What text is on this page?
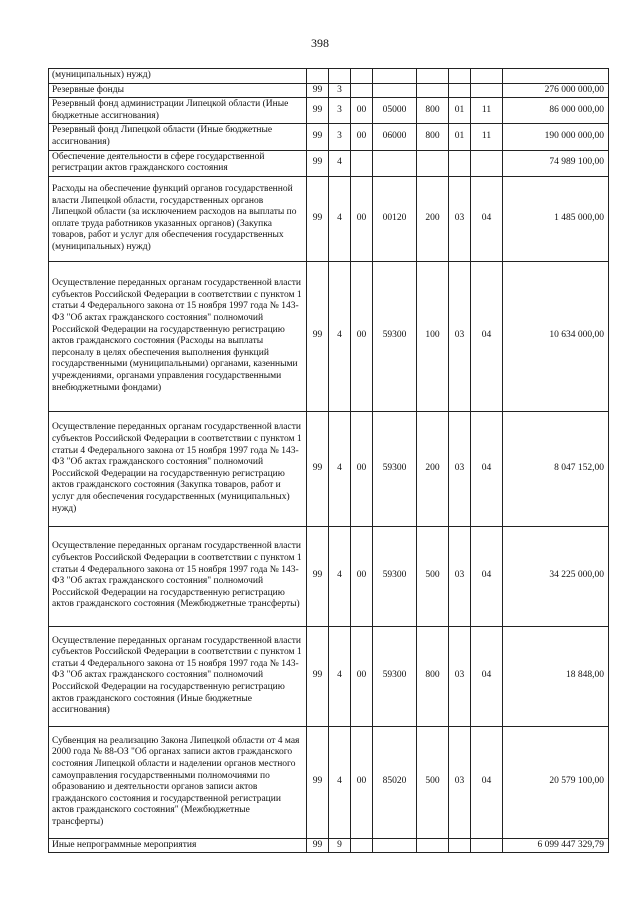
398
(муниципальных) нужд)								
Резервные фонды	99	3						276 000 000,00
Резервный фонд администрации Липецкой области (Иные бюджетные ассигнования)	99	3	00	05000	800	01	11	86 000 000,00
Резервный фонд Липецкой области (Иные бюджетные ассигнования)	99	3	00	06000	800	01	11	190 000 000,00
Обеспечение деятельности в сфере государственной регистрации актов гражданского состояния	99	4						74 989 100,00
Расходы на обеспечение функций органов государственной власти Липецкой области, государственных органов Липецкой области (за исключением расходов на выплаты по оплате труда работников указанных органов) (Закупка товаров, работ и услуг для обеспечения государственных (муниципальных) нужд)	99	4	00	00120	200	03	04	1 485 000,00
Осуществление переданных органам государственной власти субъектов Российской Федерации в соответствии с пунктом 1 статьи 4 Федерального закона от 15 ноября 1997 года № 143-ФЗ "Об актах гражданского состояния" полномочий Российской Федерации на государственную регистрацию актов гражданского состояния (Расходы на выплаты персоналу в целях обеспечения выполнения функций государственными (муниципальными) органами, казенными учреждениями, органами управления государственными внебюджетными фондами)	99	4	00	59300	100	03	04	10 634 000,00
Осуществление переданных органам государственной власти субъектов Российской Федерации в соответствии с пунктом 1 статьи 4 Федерального закона от 15 ноября 1997 года № 143-ФЗ "Об актах гражданского состояния" полномочий Российской Федерации на государственную регистрацию актов гражданского состояния (Закупка товаров, работ и услуг для обеспечения государственных (муниципальных) нужд)	99	4	00	59300	200	03	04	8 047 152,00
Осуществление переданных органам государственной власти субъектов Российской Федерации в соответствии с пунктом 1 статьи 4 Федерального закона от 15 ноября 1997 года № 143-ФЗ "Об актах гражданского состояния" полномочий Российской Федерации на государственную регистрацию актов гражданского состояния (Межбюджетные трансферты)	99	4	00	59300	500	03	04	34 225 000,00
Осуществление переданных органам государственной власти субъектов Российской Федерации в соответствии с пунктом 1 статьи 4 Федерального закона от 15 ноября 1997 года № 143-ФЗ "Об актах гражданского состояния" полномочий Российской Федерации на государственную регистрацию актов гражданского состояния (Иные бюджетные ассигнования)	99	4	00	59300	800	03	04	18 848,00
Субвенция на реализацию Закона Липецкой области от 4 мая 2000 года № 88-ОЗ "Об органах записи актов гражданского состояния Липецкой области и наделении органов местного самоуправления государственными полномочиями по образованию и деятельности органов записи актов гражданского состояния и государственной регистрации актов гражданского состояния" (Межбюджетные трансферты)	99	4	00	85020	500	03	04	20 579 100,00
Иные непрограммные мероприятия	99	9						6 099 447 329,79
